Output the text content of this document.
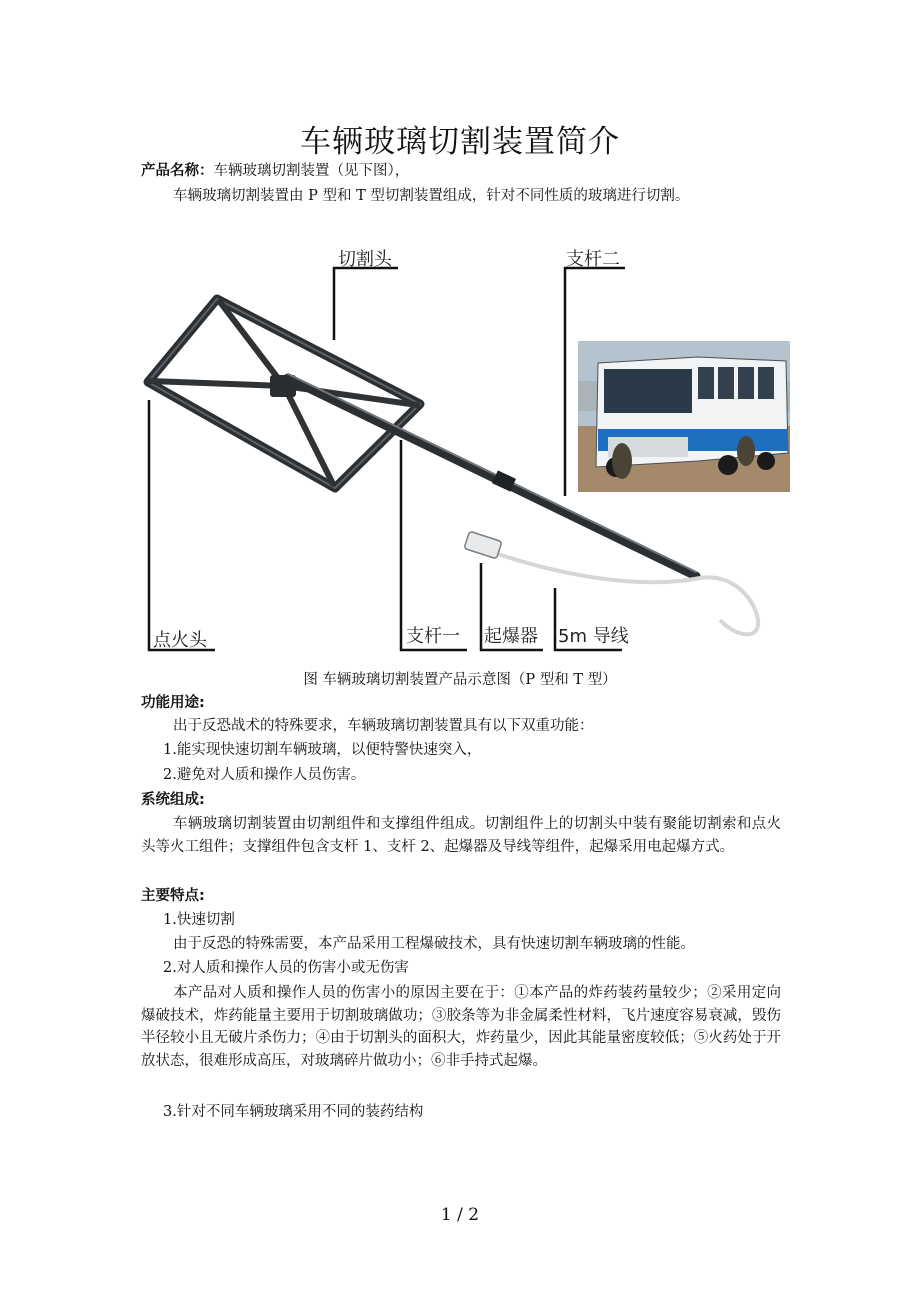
车辆玻璃切割装置简介
产品名称：车辆玻璃切割装置（见下图），
车辆玻璃切割装置由 P 型和 T 型切割装置组成，针对不同性质的玻璃进行切割。
切割头	支杆二
点火头	支杆一 起爆器 5m 导线
图 车辆玻璃切割装置产品示意图（P 型和 T 型）
功能用途:
出于反恐战术的特殊要求，车辆玻璃切割装置具有以下双重功能：
1.能实现快速切割车辆玻璃，以便特警快速突入，
2.避免对人质和操作人员伤害。
系统组成:
车辆玻璃切割装置由切割组件和支撑组件组成。切割组件上的切割头中装有聚能切割索和点火头等火工组件；支撑组件包含支杆 1、支杆 2、起爆器及导线等组件，起爆采用电起爆方式。
主要特点:
1.快速切割
由于反恐的特殊需要，本产品采用工程爆破技术，具有快速切割车辆玻璃的性能。
2.对人质和操作人员的伤害小或无伤害
本产品对人质和操作人员的伤害小的原因主要在于：①本产品的炸药装药量较少；②采用定向爆破技术，炸药能量主要用于切割玻璃做功；③胶条等为非金属柔性材料，飞片速度容易衰减，毁伤半径较小且无破片杀伤力；④由于切割头的面积大，炸药量少，因此其能量密度较低；⑤火药处于开放状态，很难形成高压，对玻璃碎片做功小；⑥非手持式起爆。
3.针对不同车辆玻璃采用不同的装药结构
1 / 2
